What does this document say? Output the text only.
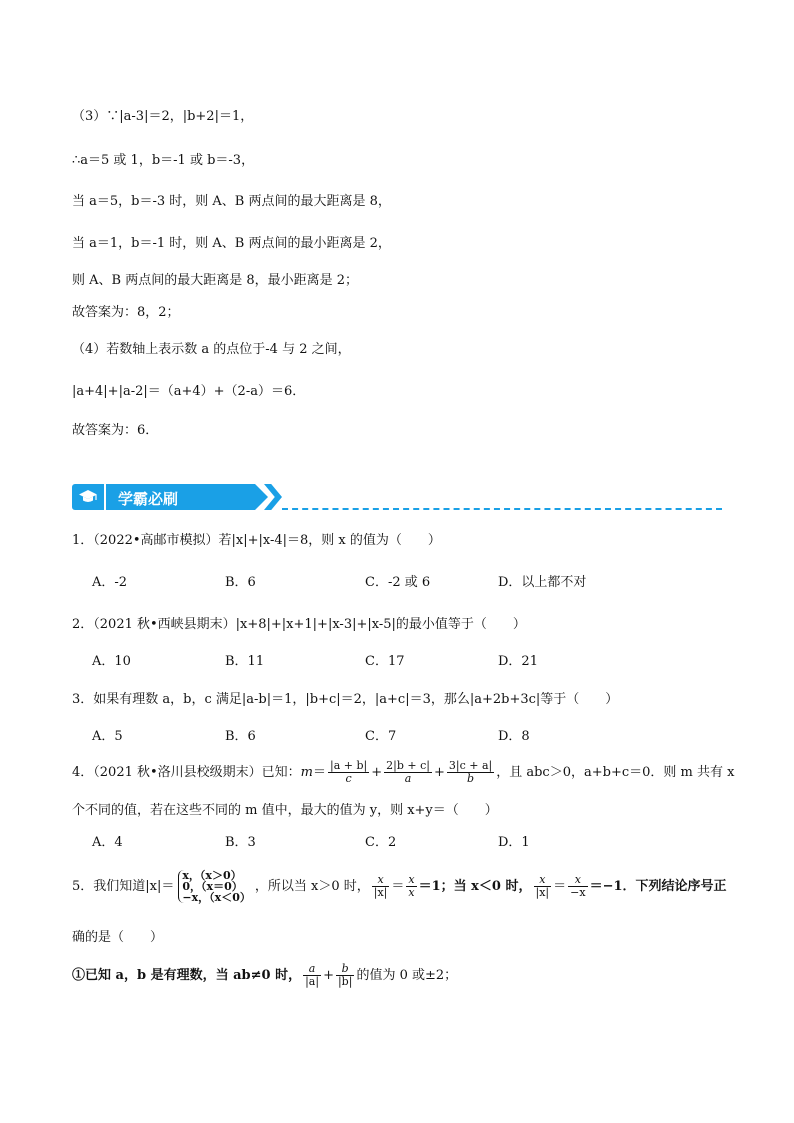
（3）∵|a-3|＝2，|b+2|＝1，
∴a＝5 或 1，b＝-1 或 b＝-3，
当 a＝5，b＝-3 时，则 A、B 两点间的最大距离是 8，
当 a＝1，b＝-1 时，则 A、B 两点间的最小距离是 2，
则 A、B 两点间的最大距离是 8，最小距离是 2；
故答案为：8，2；
（4）若数轴上表示数 a 的点位于-4 与 2 之间，
|a+4|+|a-2|＝（a+4）+（2-a）＝6．
故答案为：6．
学霸必刷
1．（2022•高邮市模拟）若|x|+|x-4|＝8，则 x 的值为（　　）
A．-2	B．6	C．-2 或 6	D．以上都不对
2．（2021 秋•西峡县期末）|x+8|+|x+1|+|x-3|+|x-5|的最小值等于（　　）
A．10	B．11	C．17	D．21
3．如果有理数 a，b，c 满足|a-b|＝1，|b+c|＝2，|a+c|＝3，那么|a+2b+3c|等于（　　）
A．5	B．6	C．7	D．8
4．（2021 秋•洛川县校级期末）已知：$m= \frac{|a + b|}{c} + \frac{2|b + c|}{a} + \frac{3|c + a|}{b}$ ，且 abc＞0，a+b+c＝0．则 m 共有 x
个不同的值，若在这些不同的 m 值中，最大的值为 y，则 x+y＝（　　）
A．4	B．3	C．2	D．1
5．我们知道|x|＝
x，（x＞0）
0，（x＝0）
−x，（x＜0）
，所以当 x＞0 时， $\frac{x}{|x|} = \frac{x}{x} =1$；当 x＜0 时， $\frac{x}{|x|} = \frac{x}{-x} =-1$．下列结论序号正
确的是（　　）
①已知 a，b 是有理数，当 ab≠0 时， $\frac{a}{|a|} + \frac{b}{|b|}$ 的值为 0 或±2；
